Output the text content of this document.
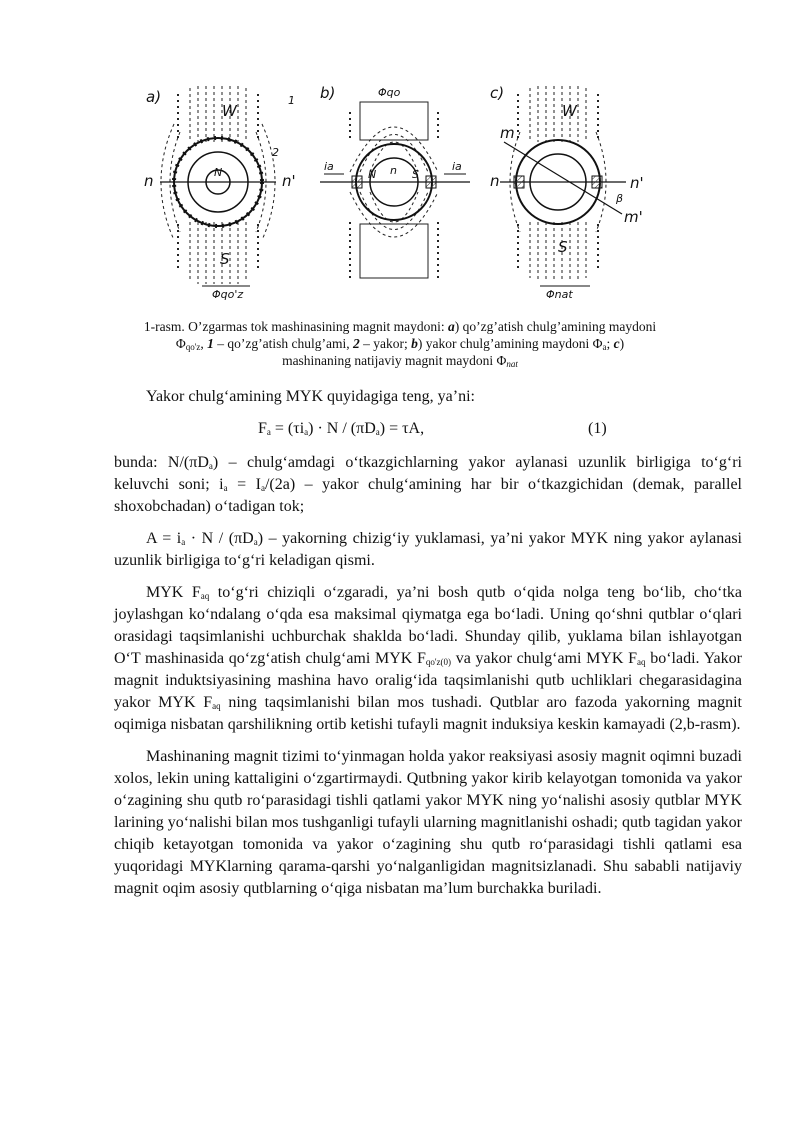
a)
W
S
N
n	n'
1
2
Φqo'z
b)	Φqo
N	S
n
ia	ia
c)
W
S
m
n	n'
β
m'
Φnat
1-rasm. O’zgarmas tok mashinasining magnit maydoni: a) qo’zg’atish chulg’amining maydoni
$\Phi_{qo'z}$, 1 – qo’zg’atish chulg’ami, 2 – yakor; b) yakor chulg’amining maydoni $\Phi_a$; c)
mashinaning natijaviy magnit maydoni $\Phi_{nat}$

Yakor chulg‘amining MYK quyidagiga teng, ya’ni:

$F_a = (\tau i_a) \cdot N / (\pi D_a) = \tau A$,	(1)

bunda: $N/(\pi D_a)$ – chulg‘amdagi o‘tkazgichlarning yakor aylanasi uzunlik birligiga to‘g‘ri keluvchi soni; $i_a = I_a/(2a)$ – yakor chulg‘amining har bir o‘tkazgichidan (demak, parallel shoxobchadan) o‘tadigan tok;

$A = i_a \cdot N / (\pi D_a)$ – yakorning chizig‘iy yuklamasi, ya’ni yakor MYK ning yakor aylanasi uzunlik birligiga to‘g‘ri keladigan qismi.

MYK $F_{aq}$ to‘g‘ri chiziqli o‘zgaradi, ya’ni bosh qutb o‘qida nolga teng bo‘lib, cho‘tka joylashgan ko‘ndalang o‘qda esa maksimal qiymatga ega bo‘ladi. Uning qo‘shni qutblar o‘qlari orasidagi taqsimlanishi uchburchak shaklda bo‘ladi. Shunday qilib, yuklama bilan ishlayotgan O‘T mashinasida qo‘zg‘atish chulg‘ami MYK $F_{qo'z(0)}$ va yakor chulg‘ami MYK $F_{aq}$ bo‘ladi. Yakor magnit induktsiyasining mashina havo oralig‘ida taqsimlanishi qutb uchliklari chegarasidagina yakor MYK $F_{aq}$ ning taqsimlanishi bilan mos tushadi. Qutblar aro fazoda yakorning magnit oqimiga nisbatan qarshilikning ortib ketishi tufayli magnit induksiya keskin kamayadi (2,b-rasm).

Mashinaning magnit tizimi to‘yinmagan holda yakor reaksiyasi asosiy magnit oqimni buzadi xolos, lekin uning kattaligini o‘zgartirmaydi. Qutbning yakor kirib kelayotgan tomonida va yakor o‘zagining shu qutb ro‘parasidagi tishli qatlami yakor MYK ning yo‘nalishi asosiy qutblar MYK larining yo‘nalishi bilan mos tushganligi tufayli ularning magnitlanishi oshadi; qutb tagidan yakor chiqib ketayotgan tomonida va yakor o‘zagining shu qutb ro‘parasidagi tishli qatlami esa yuqoridagi MYKlarning qarama-qarshi yo‘nalganligidan magnitsizlanadi. Shu sababli natijaviy magnit oqim asosiy qutblarning o‘qiga nisbatan ma’lum burchakka buriladi.
